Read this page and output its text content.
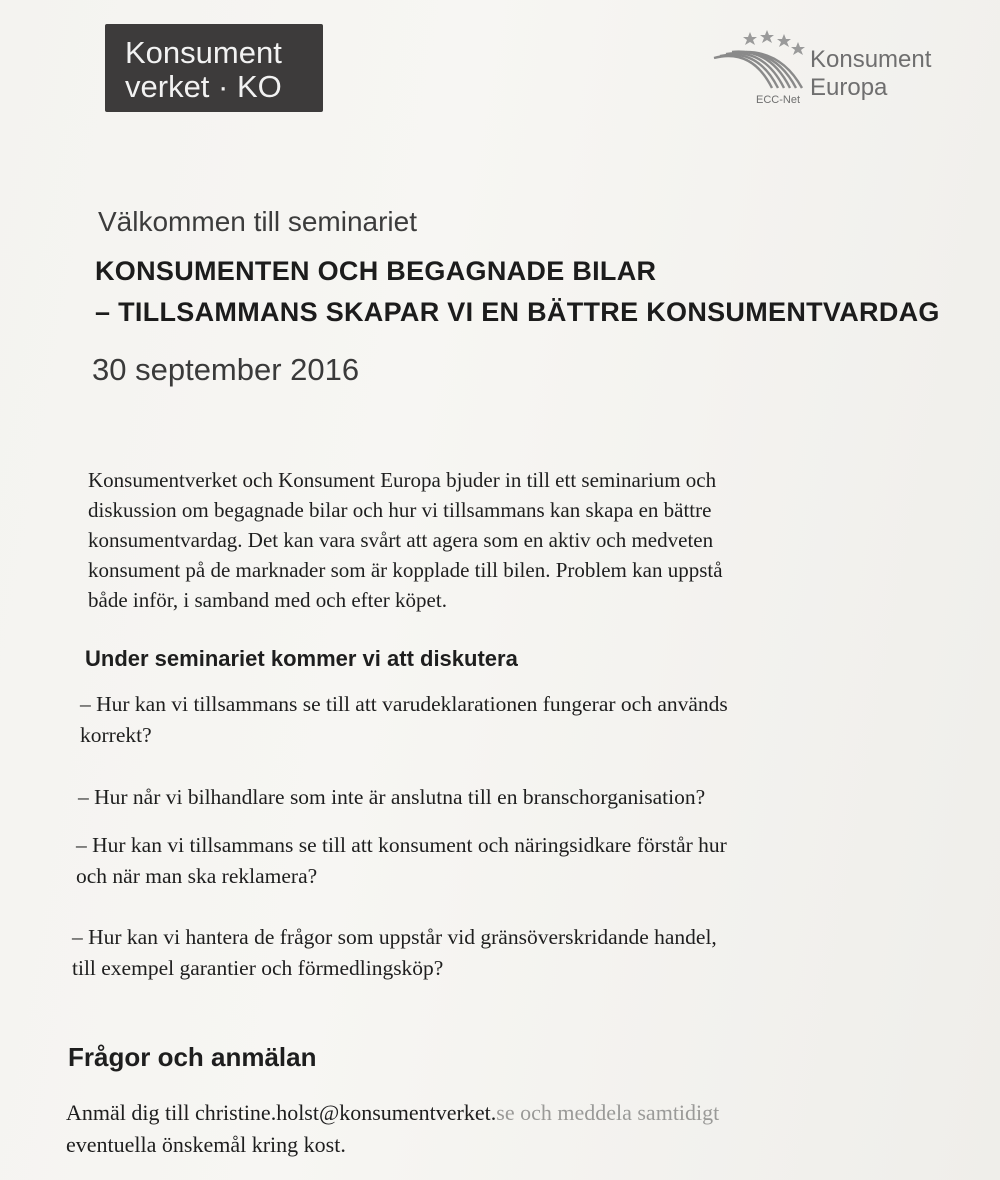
Konsument
verket · KO
Konsument
Europa
ECC-Net
Välkommen till seminariet
KONSUMENTEN OCH BEGAGNADE BILAR
– TILLSAMMANS SKAPAR VI EN BÄTTRE KONSUMENTVARDAG
30 september 2016
Konsumentverket och Konsument Europa bjuder in till ett seminarium och
diskussion om begagnade bilar och hur vi tillsammans kan skapa en bättre
konsumentvardag. Det kan vara svårt att agera som en aktiv och medveten
konsument på de marknader som är kopplade till bilen. Problem kan uppstå
både inför, i samband med och efter köpet.
Under seminariet kommer vi att diskutera
– Hur kan vi tillsammans se till att varudeklarationen fungerar och används
korrekt?
– Hur når vi bilhandlare som inte är anslutna till en branschorganisation?
– Hur kan vi tillsammans se till att konsument och näringsidkare förstår hur
och när man ska reklamera?
– Hur kan vi hantera de frågor som uppstår vid gränsöverskridande handel,
till exempel garantier och förmedlingsköp?
Frågor och anmälan
Anmäl dig till christine.holst@konsumentverket.se och meddela samtidigt
eventuella önskemål kring kost.
